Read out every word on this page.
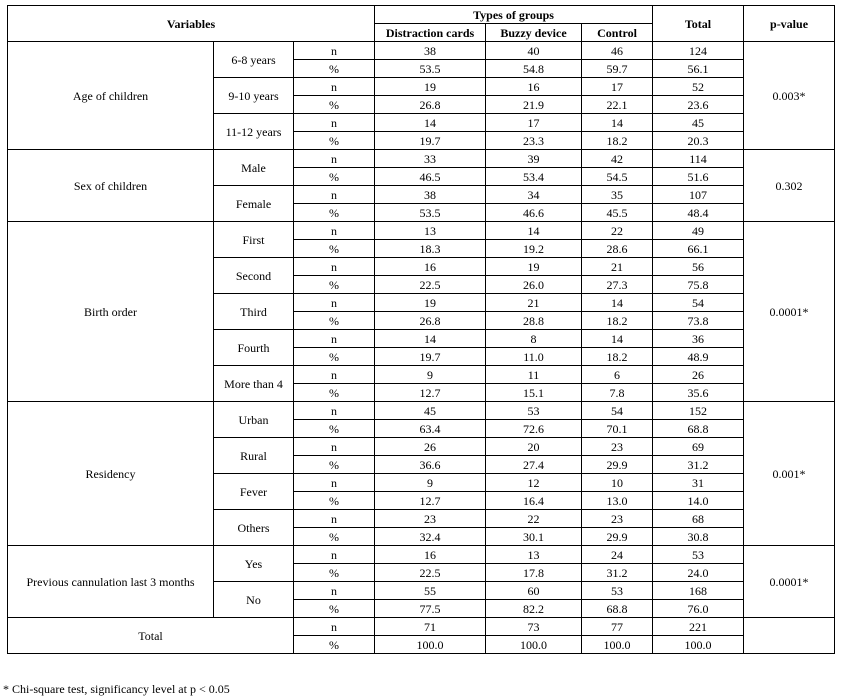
Variables			Types of groups			Total	p-value
			Distraction cards	Buzzy device	Control		
Age of children	6-8 years	n	38	40	46	124	0.003*
		%	53.5	54.8	59.7	56.1	
	9-10 years	n	19	16	17	52	
		%	26.8	21.9	22.1	23.6	
	11-12 years	n	14	17	14	45	
		%	19.7	23.3	18.2	20.3	
Sex of children	Male	n	33	39	42	114	0.302
		%	46.5	53.4	54.5	51.6	
	Female	n	38	34	35	107	
		%	53.5	46.6	45.5	48.4	
Birth order	First	n	13	14	22	49	0.0001*
		%	18.3	19.2	28.6	66.1	
	Second	n	16	19	21	56	
		%	22.5	26.0	27.3	75.8	
	Third	n	19	21	14	54	
		%	26.8	28.8	18.2	73.8	
	Fourth	n	14	8	14	36	
		%	19.7	11.0	18.2	48.9	
	More than 4	n	9	11	6	26	
		%	12.7	15.1	7.8	35.6	
Residency	Urban	n	45	53	54	152	0.001*
		%	63.4	72.6	70.1	68.8	
	Rural	n	26	20	23	69	
		%	36.6	27.4	29.9	31.2	
	Fever	n	9	12	10	31	
		%	12.7	16.4	13.0	14.0	
	Others	n	23	22	23	68	
		%	32.4	30.1	29.9	30.8	
Previous cannulation last 3 months	Yes	n	16	13	24	53	0.0001*
		%	22.5	17.8	31.2	24.0	
	No	n	55	60	53	168	
		%	77.5	82.2	68.8	76.0	
Total		n	71	73	77	221	
		%	100.0	100.0	100.0	100.0	
* Chi-square test, significancy level at p < 0.05
